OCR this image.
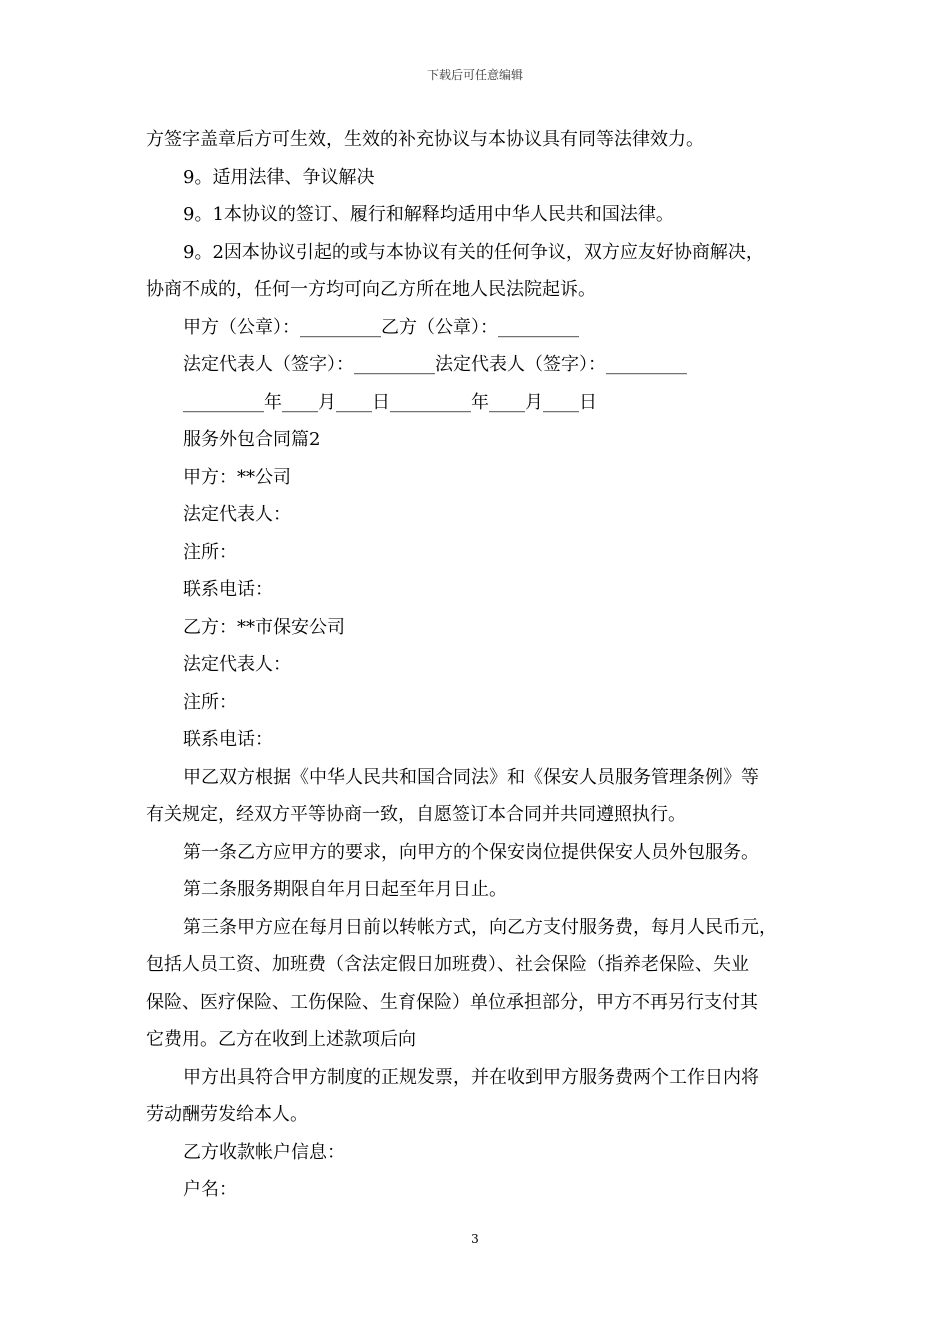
下载后可任意编辑
方签字盖章后方可生效，生效的补充协议与本协议具有同等法律效力。
9。适用法律、争议解决
9。1本协议的签订、履行和解释均适用中华人民共和国法律。
9。2因本协议引起的或与本协议有关的任何争议，双方应友好协商解决，
协商不成的，任何一方均可向乙方所在地人民法院起诉。
甲方（公章）：_________乙方（公章）：_________
法定代表人（签字）：_________法定代表人（签字）：_________
_________年____月____日_________年____月____日
服务外包合同篇2
甲方：**公司
法定代表人：
注所：
联系电话：
乙方：**市保安公司
法定代表人：
注所：
联系电话：
甲乙双方根据《中华人民共和国合同法》和《保安人员服务管理条例》等
有关规定，经双方平等协商一致，自愿签订本合同并共同遵照执行。
第一条乙方应甲方的要求，向甲方的个保安岗位提供保安人员外包服务。
第二条服务期限自年月日起至年月日止。
第三条甲方应在每月日前以转帐方式，向乙方支付服务费，每月人民币元，
包括人员工资、加班费（含法定假日加班费）、社会保险（指养老保险、失业
保险、医疗保险、工伤保险、生育保险）单位承担部分，甲方不再另行支付其
它费用。乙方在收到上述款项后向
甲方出具符合甲方制度的正规发票，并在收到甲方服务费两个工作日内将
劳动酬劳发给本人。
乙方收款帐户信息：
户名：
3
